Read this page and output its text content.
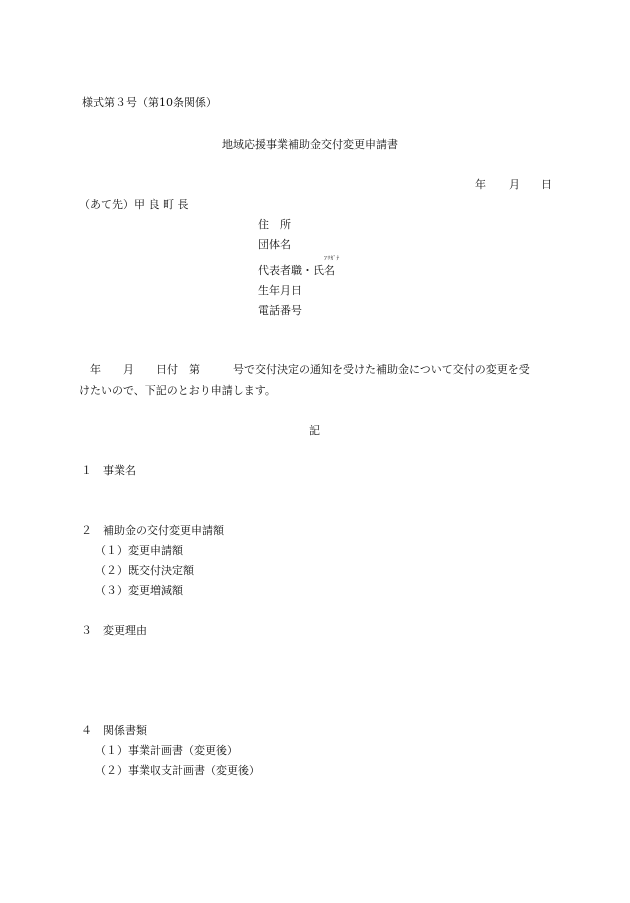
様式第３号（第10条関係）
地域応援事業補助金交付変更申請書
年 月 日
（あて先）甲 良 町 長
住　所
団体名
ﾌﾘｶﾞﾅ
代表者職・氏名
生年月日
電話番号
　年　　月　　日付　第　　　号で交付決定の通知を受けた補助金について交付の変更を受
けたいので、下記のとおり申請します。
記
１　事業名
２　補助金の交付変更申請額
（１）変更申請額
（２）既交付決定額
（３）変更増減額
３　変更理由
４　関係書類
（１）事業計画書（変更後）
（２）事業収支計画書（変更後）
